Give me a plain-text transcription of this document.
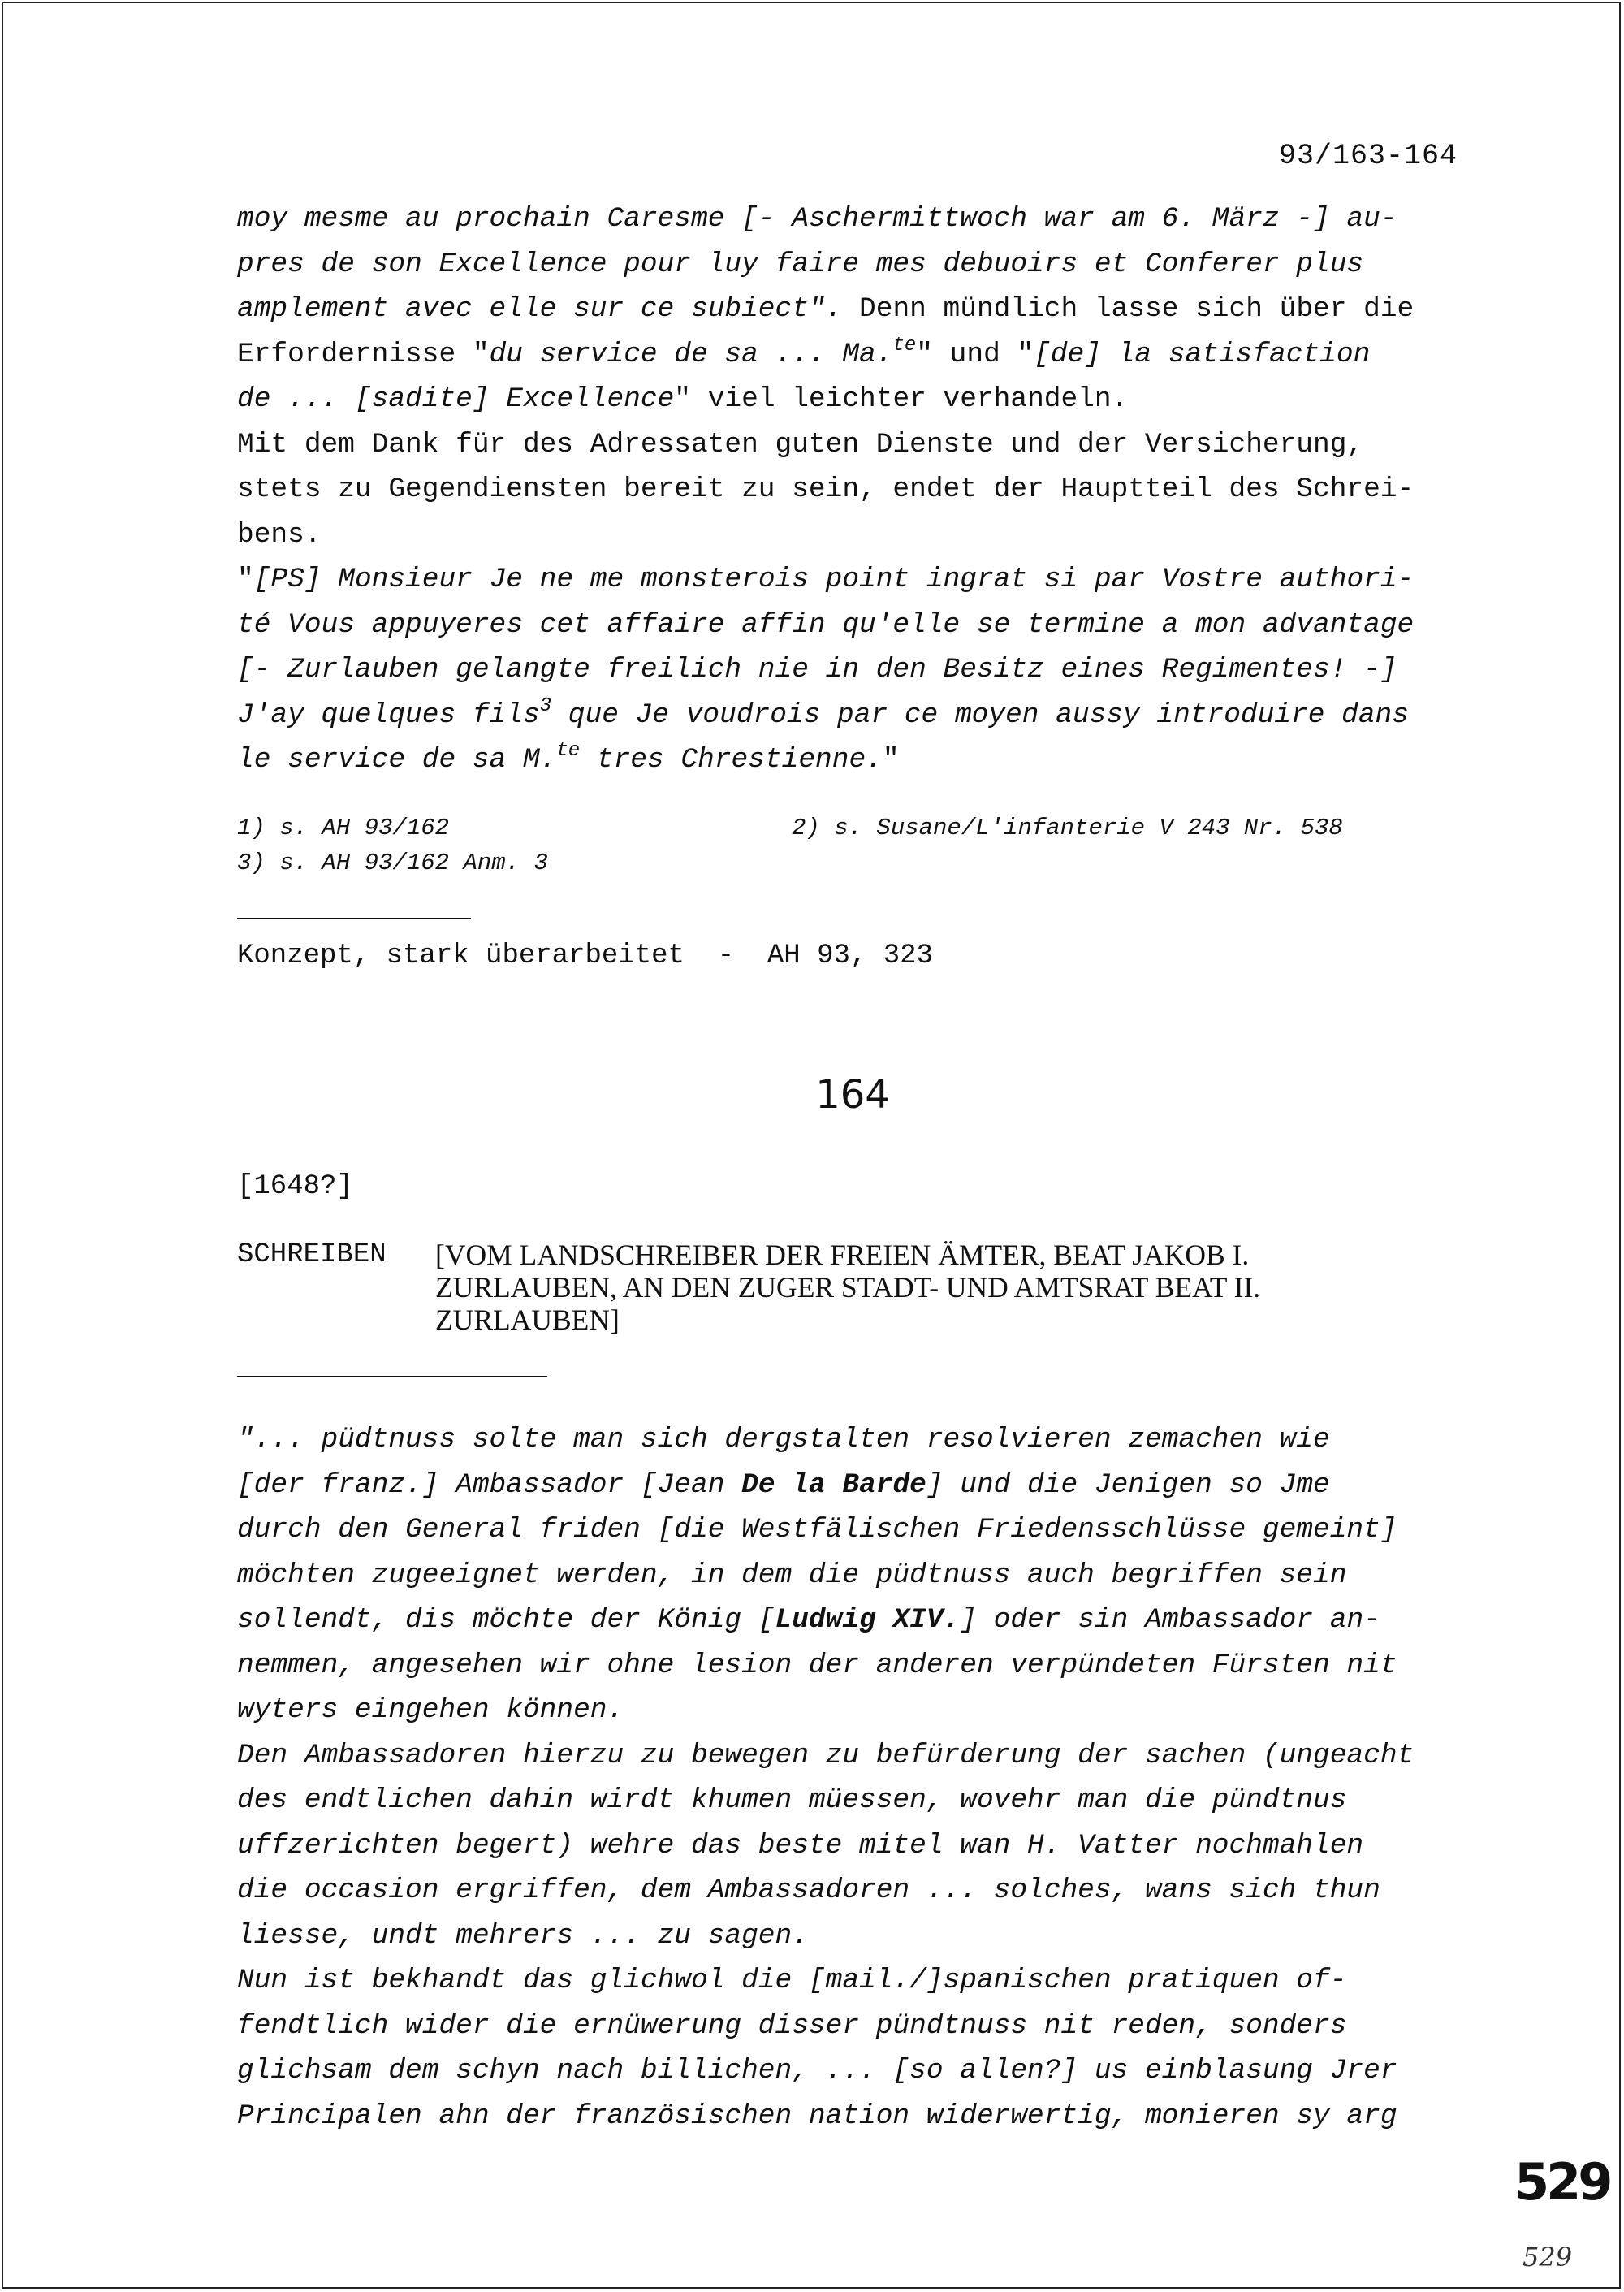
93/163-164

moy mesme au prochain Caresme [- Aschermittwoch war am 6. März -] au-

pres de son Excellence pour luy faire mes debuoirs et Conferer plus

amplement avec elle sur ce subiect". Denn mündlich lasse sich über die

Erfordernisse "du service de sa ... Ma.$^{te}$" und "[de] la satisfaction

de ... [sadite] Excellence" viel leichter verhandeln.

Mit dem Dank für des Adressaten guten Dienste und der Versicherung,

stets zu Gegendiensten bereit zu sein, endet der Hauptteil des Schrei-

bens.

"[PS] Monsieur Je ne me monsterois point ingrat si par Vostre authori-

té Vous appuyeres cet affaire affin qu'elle se termine a mon advantage

[- Zurlauben gelangte freilich nie in den Besitz eines Regimentes! -]

J'ay quelques fils$^3$ que Je voudrois par ce moyen aussy introduire dans

le service de sa M.$^{te}$ tres Chrestienne."

1) s. AH 93/162	2) s. Susane/L'infanterie V 243 Nr. 538
3) s. AH 93/162 Anm. 3
Konzept, stark überarbeitet  -  AH 93, 323
164
[1648?]
SCHREIBEN	[VOM LANDSCHREIBER DER FREIEN ÄMTER, BEAT JAKOB I.
ZURLAUBEN, AN DEN ZUGER STADT- UND AMTSRAT BEAT II.
ZURLAUBEN]

"... püdtnuss solte man sich dergstalten resolvieren zemachen wie

[der franz.] Ambassador [Jean De la Barde] und die Jenigen so Jme

durch den General friden [die Westfälischen Friedensschlüsse gemeint]

möchten zugeeignet werden, in dem die püdtnuss auch begriffen sein

sollendt, dis möchte der König [Ludwig XIV.] oder sin Ambassador an-

nemmen, angesehen wir ohne lesion der anderen verpündeten Fürsten nit

wyters eingehen können.

Den Ambassadoren hierzu zu bewegen zu befürderung der sachen (ungeacht

des endtlichen dahin wirdt khumen müessen, wovehr man die pündtnus

uffzerichten begert) wehre das beste mitel wan H. Vatter nochmahlen

die occasion ergriffen, dem Ambassadoren ... solches, wans sich thun

liesse, undt mehrers ... zu sagen.

Nun ist bekhandt das glichwol die [mail./]spanischen pratiquen of-

fendtlich wider die ernüwerung disser pündtnuss nit reden, sonders

glichsam dem schyn nach billichen, ... [so allen?] us einblasung Jrer

Principalen ahn der französischen nation widerwertig, monieren sy arg

529
529
